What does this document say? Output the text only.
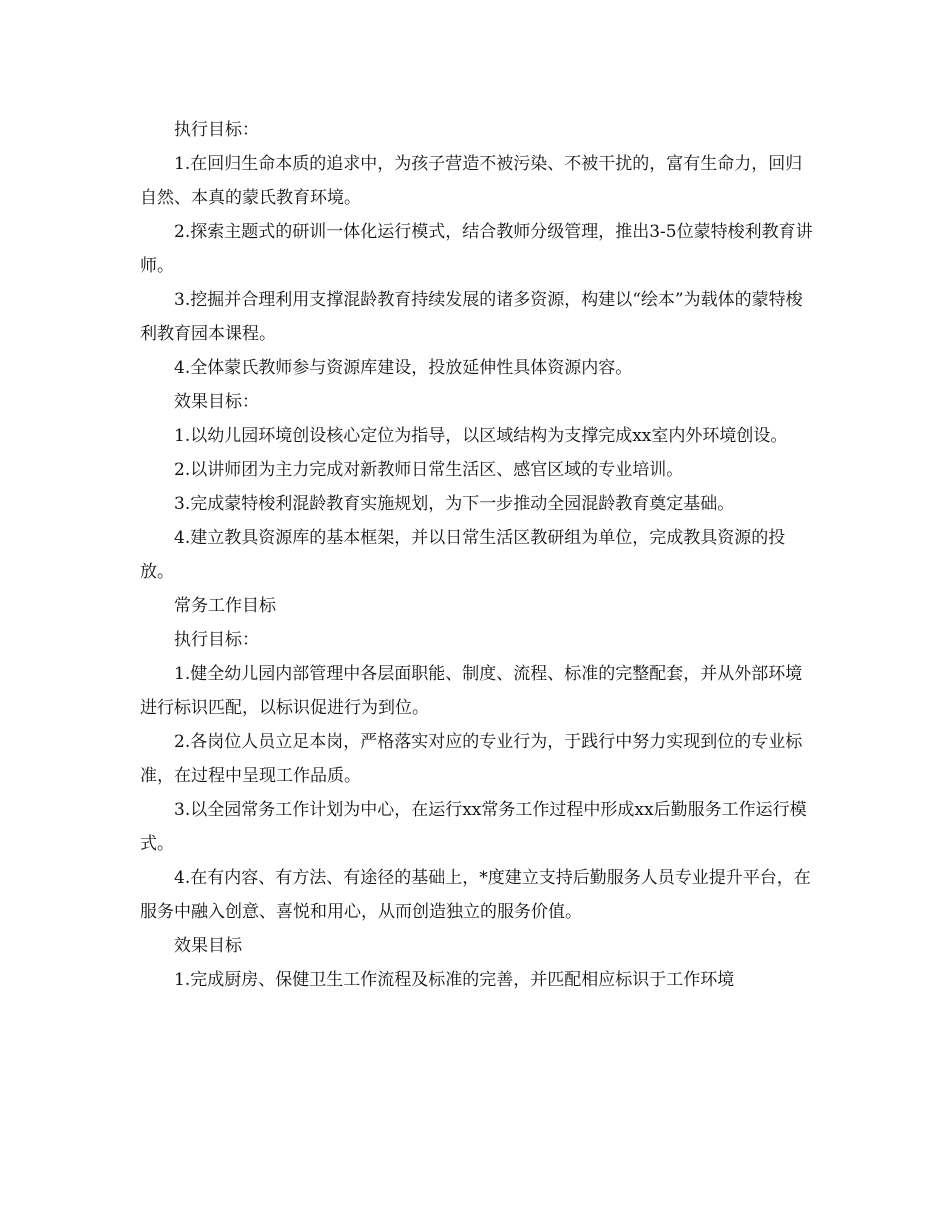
执行目标：

1.在回归生命本质的追求中，为孩子营造不被污染、不被干扰的，富有生命力，回归自然、本真的蒙氏教育环境。

2.探索主题式的研训一体化运行模式，结合教师分级管理，推出3-5位蒙特梭利教育讲师。

3.挖掘并合理利用支撑混龄教育持续发展的诸多资源，构建以“绘本”为载体的蒙特梭利教育园本课程。

4.全体蒙氏教师参与资源库建设，投放延伸性具体资源内容。

效果目标：

1.以幼儿园环境创设核心定位为指导，以区域结构为支撑完成xx室内外环境创设。

2.以讲师团为主力完成对新教师日常生活区、感官区域的专业培训。

3.完成蒙特梭利混龄教育实施规划，为下一步推动全园混龄教育奠定基础。

4.建立教具资源库的基本框架，并以日常生活区教研组为单位，完成教具资源的投放。

常务工作目标

执行目标：

1.健全幼儿园内部管理中各层面职能、制度、流程、标准的完整配套，并从外部环境进行标识匹配，以标识促进行为到位。

2.各岗位人员立足本岗，严格落实对应的专业行为，于践行中努力实现到位的专业标准，在过程中呈现工作品质。

3.以全园常务工作计划为中心，在运行xx常务工作过程中形成xx后勤服务工作运行模式。

4.在有内容、有方法、有途径的基础上，*度建立支持后勤服务人员专业提升平台，在服务中融入创意、喜悦和用心，从而创造独立的服务价值。

效果目标

1.完成厨房、保健卫生工作流程及标准的完善，并匹配相应标识于工作环境
